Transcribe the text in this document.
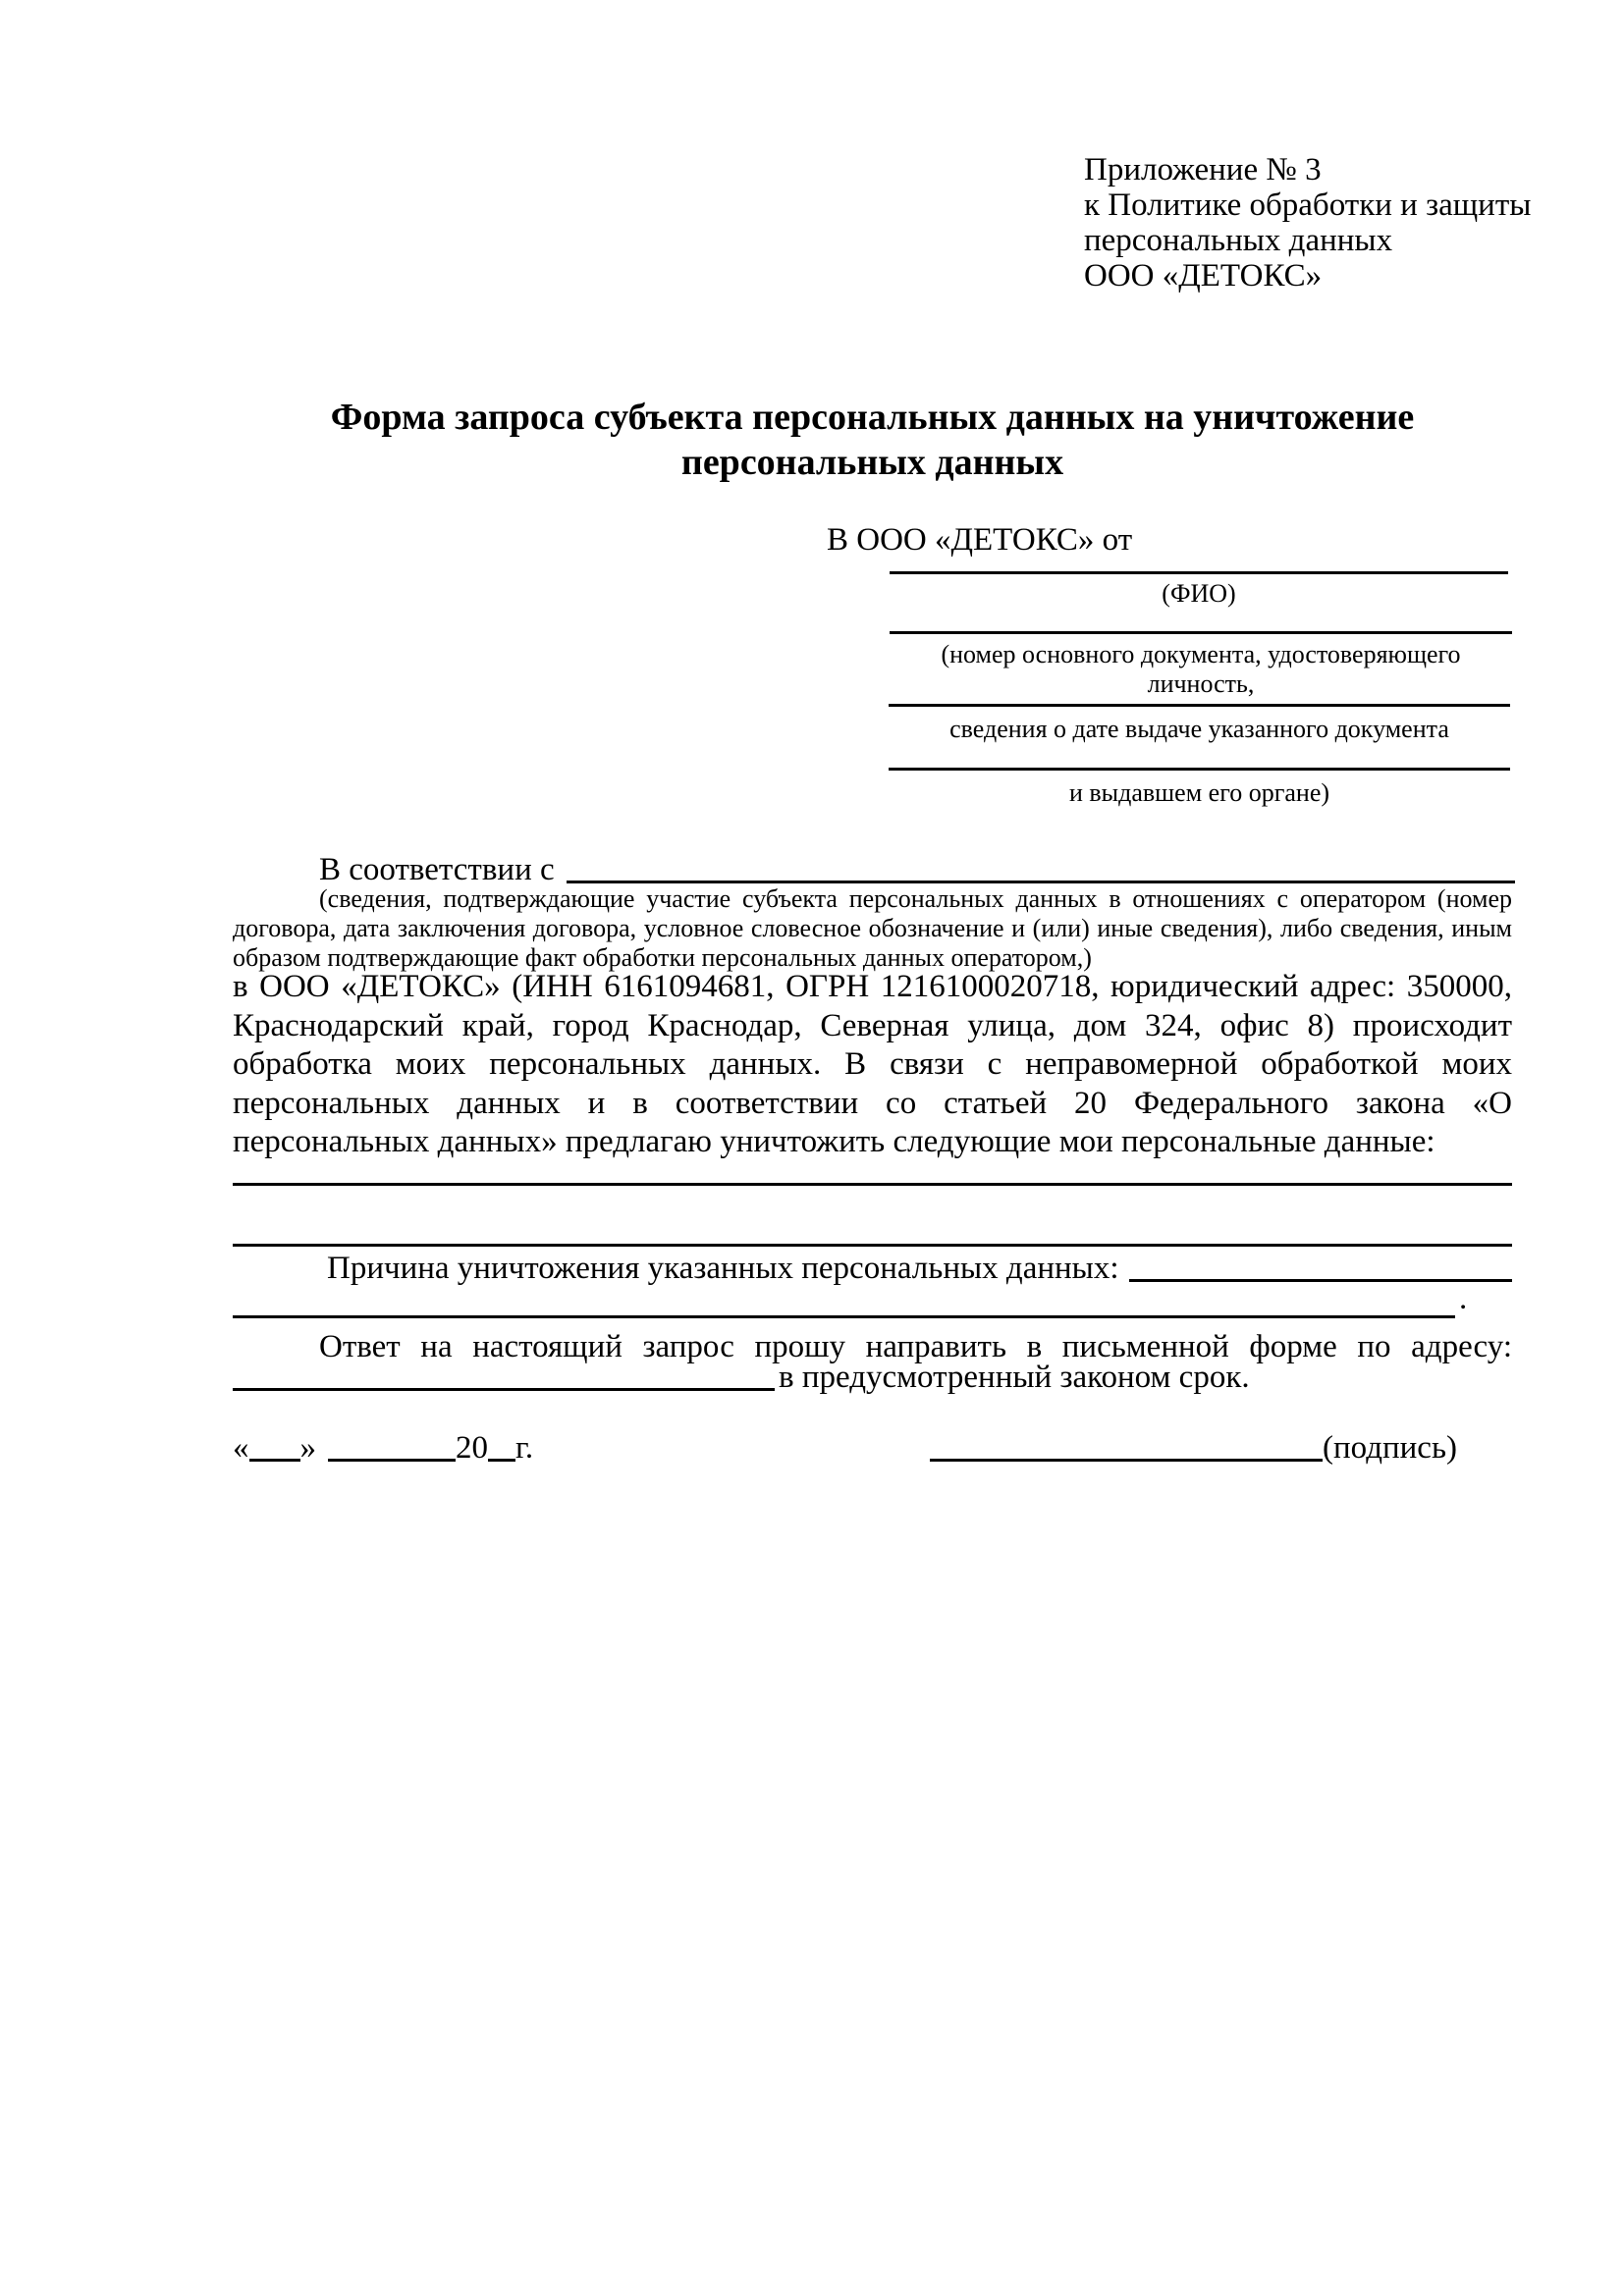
Приложение № 3
к Политике обработки и защиты
персональных данных
ООО «ДЕТОКС»
Форма запроса субъекта персональных данных на уничтожение
персональных данных
В ООО «ДЕТОКС» от
(ФИО)
(номер основного документа, удостоверяющего личность,
сведения о дате выдаче указанного документа
и выдавшем его органе)
В соответствии с
(сведения, подтверждающие участие субъекта персональных данных в отношениях с оператором (номер договора, дата заключения договора, условное словесное обозначение и (или) иные сведения), либо сведения, иным образом подтверждающие факт обработки персональных данных оператором,)
в ООО «ДЕТОКС» (ИНН 6161094681, ОГРН 1216100020718, юридический адрес: 350000, Краснодарский край, город Краснодар, Северная улица, дом 324, офис 8) происходит обработка моих персональных данных. В связи с неправомерной обработкой моих персональных данных и в соответствии со статьей 20 Федерального закона «О персональных данных» предлагаю уничтожить следующие мои персональные данные:
Причина уничтожения указанных персональных данных:
.
Ответ на настоящий запрос прошу направить в письменной форме по адресу:
в предусмотренный законом срок.
« »	20 г.	(подпись)
